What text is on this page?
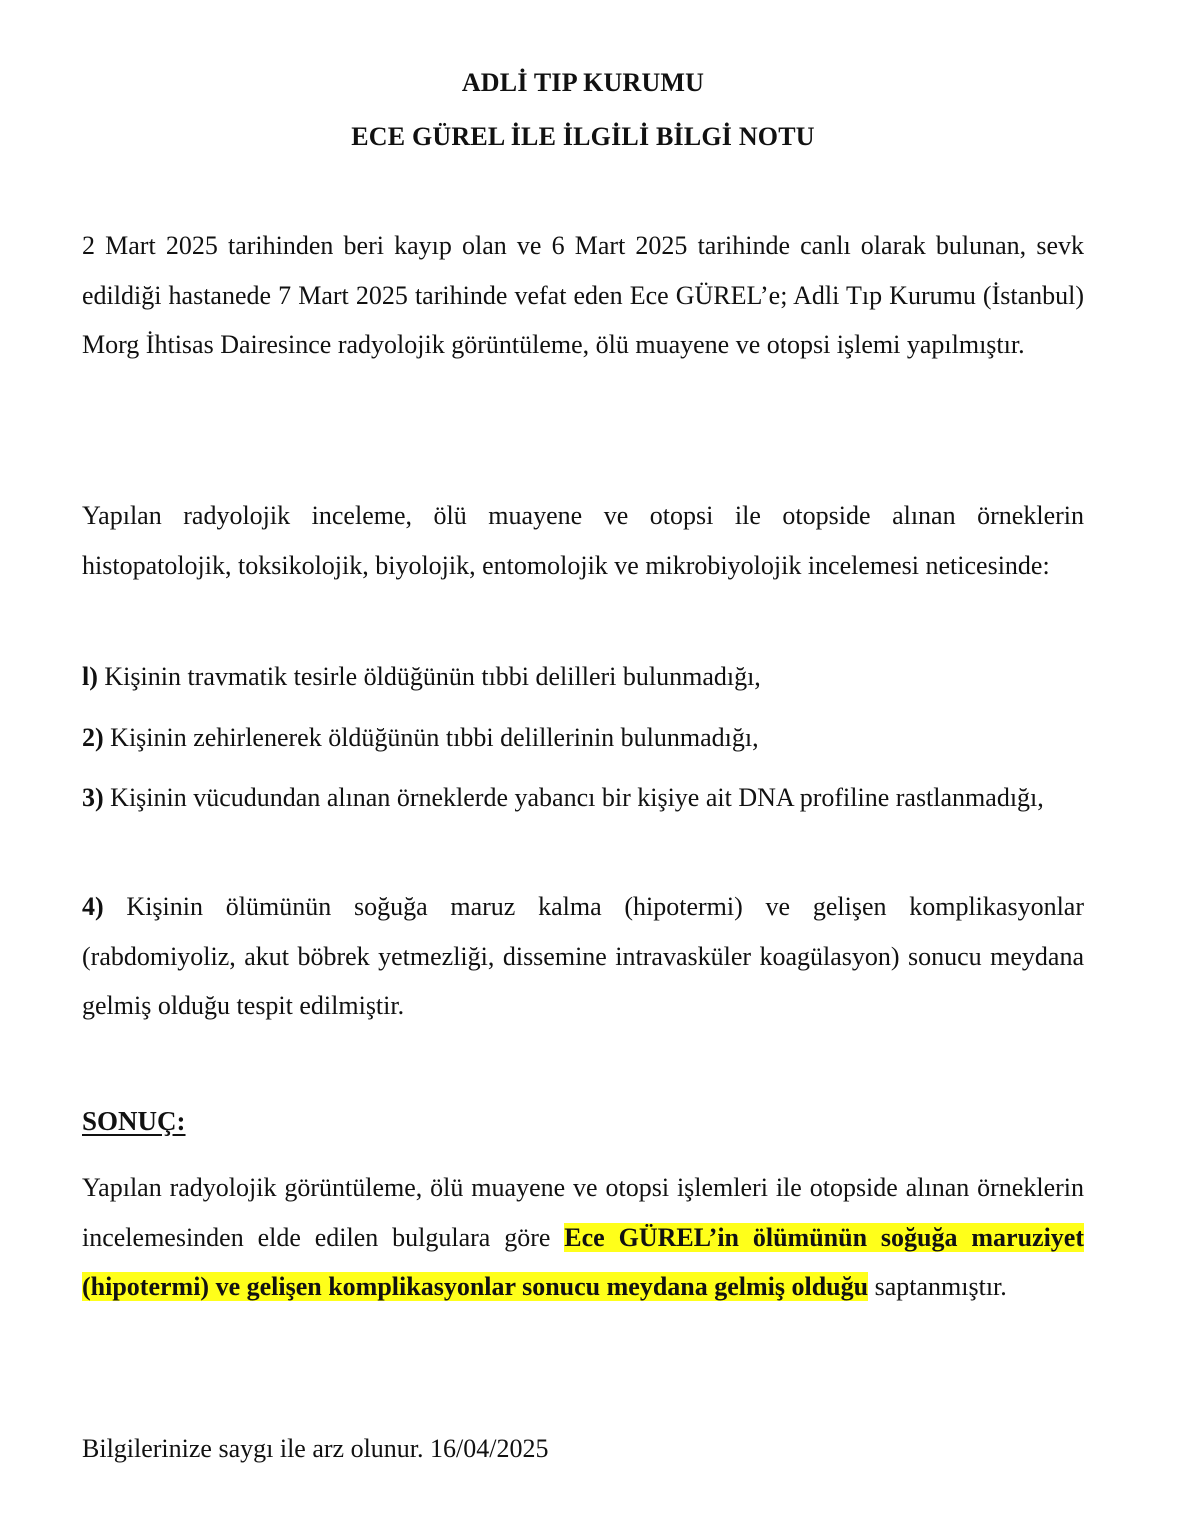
ADLİ TIP KURUMU
ECE GÜREL İLE İLGİLİ BİLGİ NOTU
2 Mart 2025 tarihinden beri kayıp olan ve 6 Mart 2025 tarihinde canlı olarak bulunan, sevk edildiği hastanede 7 Mart 2025 tarihinde vefat eden Ece GÜREL’e; Adli Tıp Kurumu (İstanbul) Morg İhtisas Dairesince radyolojik görüntüleme, ölü muayene ve otopsi işlemi yapılmıştır.
Yapılan radyolojik inceleme, ölü muayene ve otopsi ile otopside alınan örneklerin histopatolojik, toksikolojik, biyolojik, entomolojik ve mikrobiyolojik incelemesi neticesinde:
l) Kişinin travmatik tesirle öldüğünün tıbbi delilleri bulunmadığı,
2) Kişinin zehirlenerek öldüğünün tıbbi delillerinin bulunmadığı,
3) Kişinin vücudundan alınan örneklerde yabancı bir kişiye ait DNA profiline rastlanmadığı,
4) Kişinin ölümünün soğuğa maruz kalma (hipotermi) ve gelişen komplikasyonlar (rabdomiyoliz, akut böbrek yetmezliği, dissemine intravasküler koagülasyon) sonucu meydana gelmiş olduğu tespit edilmiştir.
SONUÇ:
Yapılan radyolojik görüntüleme, ölü muayene ve otopsi işlemleri ile otopside alınan örneklerin incelemesinden elde edilen bulgulara göre Ece GÜREL’in ölümünün soğuğa maruziyet (hipotermi) ve gelişen komplikasyonlar sonucu meydana gelmiş olduğu saptanmıştır.
Bilgilerinize saygı ile arz olunur. 16/04/2025
